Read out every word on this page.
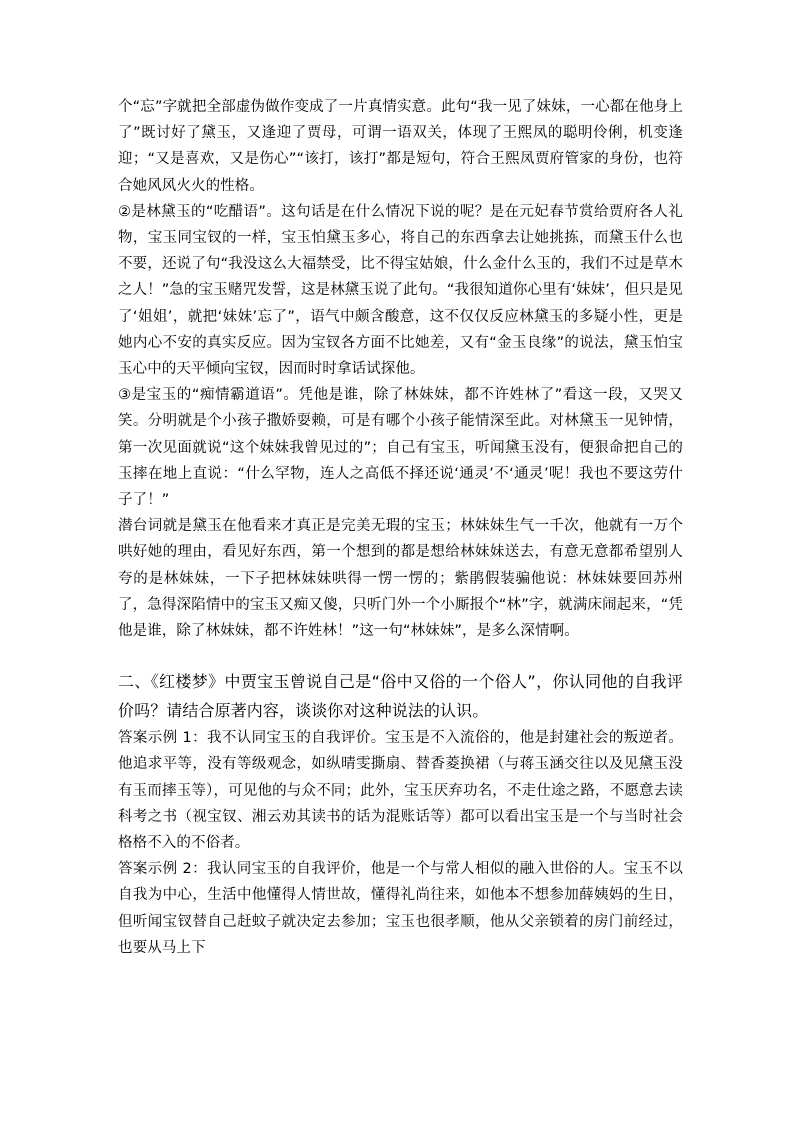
个“忘”字就把全部虚伪做作变成了一片真情实意。此句“我一见了妹妹，一心都在他身上了”既讨好了黛玉，又逢迎了贾母，可谓一语双关，体现了王熙凤的聪明伶俐，机变逢迎；“又是喜欢，又是伤心”“该打，该打”都是短句，符合王熙凤贾府管家的身份，也符合她风风火火的性格。

②是林黛玉的“吃醋语”。这句话是在什么情况下说的呢？是在元妃春节赏给贾府各人礼物，宝玉同宝钗的一样，宝玉怕黛玉多心，将自己的东西拿去让她挑拣，而黛玉什么也不要，还说了句“我没这么大福禁受，比不得宝姑娘，什么金什么玉的，我们不过是草木之人！”急的宝玉赌咒发誓，这是林黛玉说了此句。“我很知道你心里有‘妹妹’，但只是见了‘姐姐’，就把‘妹妹’忘了”，语气中颇含酸意，这不仅仅反应林黛玉的多疑小性，更是她内心不安的真实反应。因为宝钗各方面不比她差，又有“金玉良缘”的说法，黛玉怕宝玉心中的天平倾向宝钗，因而时时拿话试探他。

③是宝玉的“痴情霸道语”。凭他是谁，除了林妹妹，都不许姓林了”看这一段，又哭又笑。分明就是个小孩子撒娇耍赖，可是有哪个小孩子能情深至此。对林黛玉一见钟情，第一次见面就说“这个妹妹我曾见过的”；自己有宝玉，听闻黛玉没有，便狠命把自己的玉摔在地上直说：“什么罕物，连人之高低不择还说‘通灵’不‘通灵’呢！我也不要这劳什子了！”

潜台词就是黛玉在他看来才真正是完美无瑕的宝玉；林妹妹生气一千次，他就有一万个哄好她的理由，看见好东西，第一个想到的都是想给林妹妹送去，有意无意都希望别人夸的是林妹妹，一下子把林妹妹哄得一愣一愣的；紫鹃假装骗他说：林妹妹要回苏州了，急得深陷情中的宝玉又痴又傻，只听门外一个小厮报个“林”字，就满床闹起来，“凭他是谁，除了林妹妹，都不许姓林！”这一句“林妹妹”，是多么深情啊。

二、《红楼梦》中贾宝玉曾说自己是“俗中又俗的一个俗人”，你认同他的自我评价吗？请结合原著内容，谈谈你对这种说法的认识。

答案示例 1：我不认同宝玉的自我评价。宝玉是不入流俗的，他是封建社会的叛逆者。他追求平等，没有等级观念，如纵晴雯撕扇、替香菱换裙（与蒋玉涵交往以及见黛玉没有玉而摔玉等），可见他的与众不同；此外，宝玉厌弃功名，不走仕途之路，不愿意去读科考之书（视宝钗、湘云劝其读书的话为混账话等）都可以看出宝玉是一个与当时社会格格不入的不俗者。

答案示例 2：我认同宝玉的自我评价，他是一个与常人相似的融入世俗的人。宝玉不以自我为中心，生活中他懂得人情世故，懂得礼尚往来，如他本不想参加薛姨妈的生日，但听闻宝钗替自己赶蚊子就决定去参加；宝玉也很孝顺，他从父亲锁着的房门前经过，也要从马上下
